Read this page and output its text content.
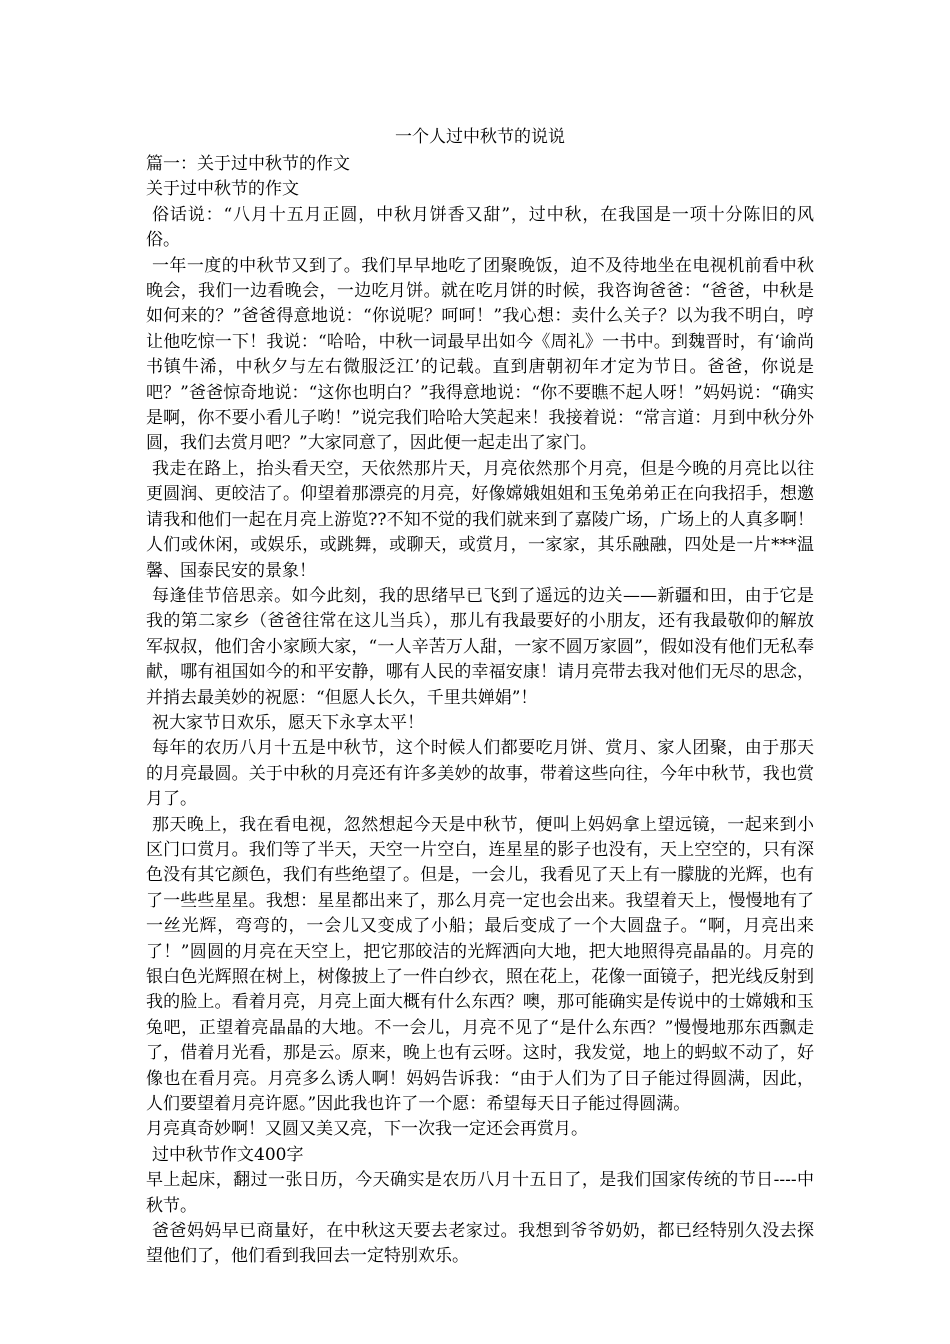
一个人过中秋节的说说

篇一：关于过中秋节的作文

关于过中秋节的作文

俗话说：“八月十五月正圆，中秋月饼香又甜”，过中秋，在我国是一项十分陈旧的风俗。

一年一度的中秋节又到了。我们早早地吃了团聚晚饭，迫不及待地坐在电视机前看中秋晚会，我们一边看晚会，一边吃月饼。就在吃月饼的时候，我咨询爸爸：“爸爸，中秋是如何来的？”爸爸得意地说：“你说呢？呵呵！”我心想：卖什么关子？以为我不明白，哼让他吃惊一下！我说：“哈哈，中秋一词最早出如今《周礼》一书中。到魏晋时，有‘谕尚书镇牛浠，中秋夕与左右微服泛江’的记载。直到唐朝初年才定为节日。爸爸，你说是吧？”爸爸惊奇地说：“这你也明白？”我得意地说：“你不要瞧不起人呀！”妈妈说：“确实是啊，你不要小看儿子哟！”说完我们哈哈大笑起来！我接着说：“常言道：月到中秋分外圆，我们去赏月吧？”大家同意了，因此便一起走出了家门。

我走在路上，抬头看天空，天依然那片天，月亮依然那个月亮，但是今晚的月亮比以往更圆润、更皎洁了。仰望着那漂亮的月亮，好像嫦娥姐姐和玉兔弟弟正在向我招手，想邀请我和他们一起在月亮上游览??不知不觉的我们就来到了嘉陵广场，广场上的人真多啊！人们或休闲，或娱乐，或跳舞，或聊天，或赏月，一家家，其乐融融，四处是一片***温馨、国泰民安的景象！

每逢佳节倍思亲。如今此刻，我的思绪早已飞到了遥远的边关——新疆和田，由于它是我的第二家乡（爸爸往常在这儿当兵），那儿有我最要好的小朋友，还有我最敬仰的解放军叔叔，他们舍小家顾大家，“一人辛苦万人甜，一家不圆万家圆”，假如没有他们无私奉献，哪有祖国如今的和平安静，哪有人民的幸福安康！请月亮带去我对他们无尽的思念，并捎去最美妙的祝愿：“但愿人长久，千里共婵娟”！

祝大家节日欢乐，愿天下永享太平！

每年的农历八月十五是中秋节，这个时候人们都要吃月饼、赏月、家人团聚，由于那天的月亮最圆。关于中秋的月亮还有许多美妙的故事，带着这些向往，今年中秋节，我也赏月了。

那天晚上，我在看电视，忽然想起今天是中秋节，便叫上妈妈拿上望远镜，一起来到小区门口赏月。我们等了半天，天空一片空白，连星星的影子也没有，天上空空的，只有深色没有其它颜色，我们有些绝望了。但是，一会儿，我看见了天上有一朦胧的光辉，也有了一些些星星。我想：星星都出来了，那么月亮一定也会出来。我望着天上，慢慢地有了一丝光辉，弯弯的，一会儿又变成了小船；最后变成了一个大圆盘子。“啊，月亮出来了！”圆圆的月亮在天空上，把它那皎洁的光辉洒向大地，把大地照得亮晶晶的。月亮的银白色光辉照在树上，树像披上了一件白纱衣，照在花上，花像一面镜子，把光线反射到我的脸上。看着月亮，月亮上面大概有什么东西？噢，那可能确实是传说中的士嫦娥和玉兔吧，正望着亮晶晶的大地。不一会儿，月亮不见了“是什么东西？”慢慢地那东西飘走了，借着月光看，那是云。原来，晚上也有云呀。这时，我发觉，地上的蚂蚁不动了，好像也在看月亮。月亮多么诱人啊！妈妈告诉我：“由于人们为了日子能过得圆满，因此，人们要望着月亮许愿。”因此我也许了一个愿：希望每天日子能过得圆满。

月亮真奇妙啊！又圆又美又亮，下一次我一定还会再赏月。

过中秋节作文400字

早上起床，翻过一张日历，今天确实是农历八月十五日了，是我们国家传统的节日----中秋节。

爸爸妈妈早已商量好，在中秋这天要去老家过。我想到爷爷奶奶，都已经特别久没去探望他们了，他们看到我回去一定特别欢乐。
